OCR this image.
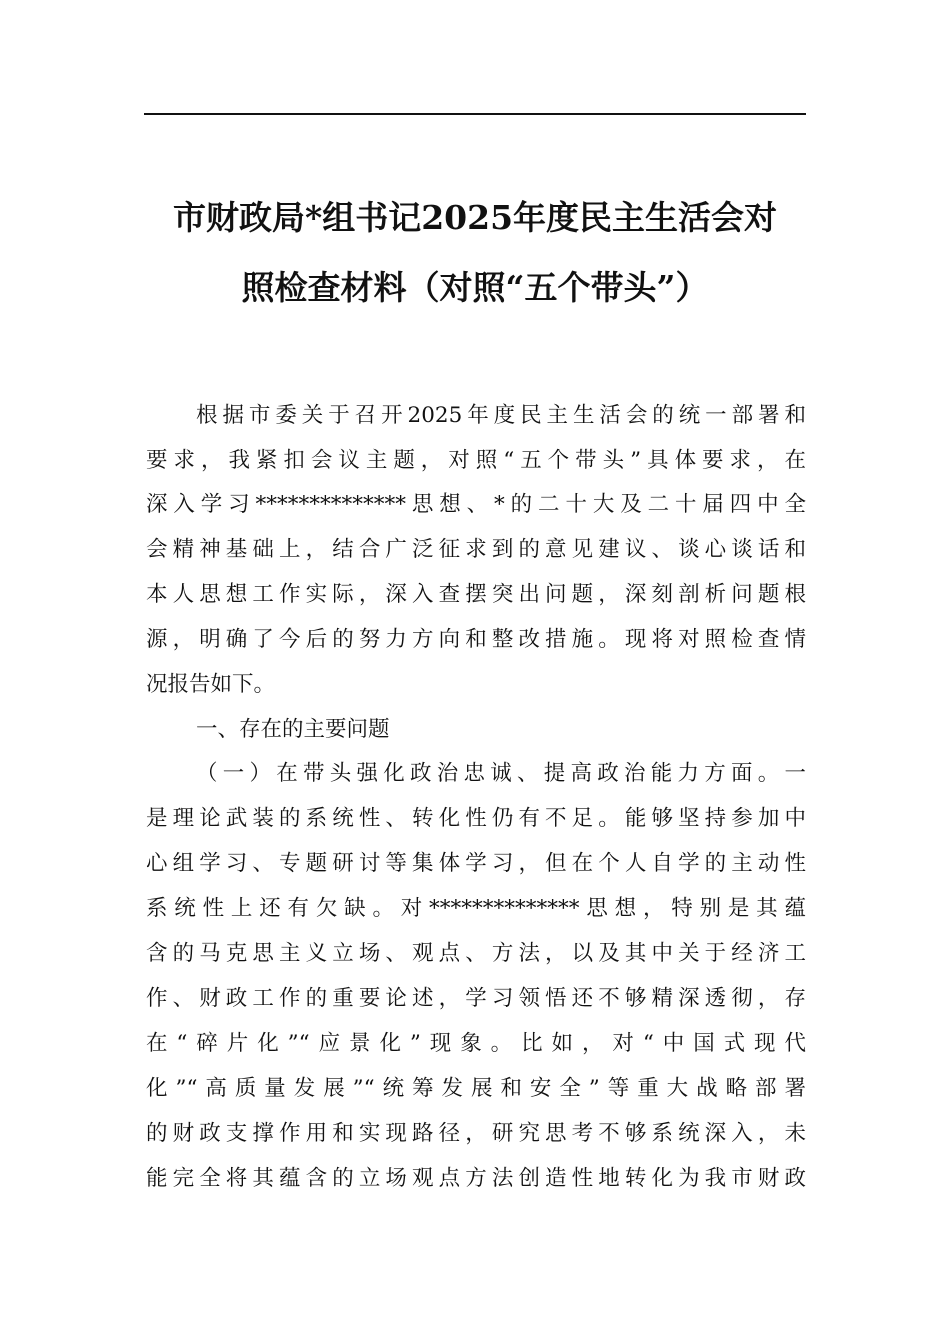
市财政局*组书记2025年度民主生活会对
照检查材料（对照“五个带头”）
根据市委关于召开2025年度民主生活会的统一部署和
要求，我紧扣会议主题，对照“五个带头”具体要求，在
深入学习**************思想、*的二十大及二十届四中全
会精神基础上，结合广泛征求到的意见建议、谈心谈话和
本人思想工作实际，深入查摆突出问题，深刻剖析问题根
源，明确了今后的努力方向和整改措施。现将对照检查情
况报告如下。
一、存在的主要问题
（一）在带头强化政治忠诚、提高政治能力方面。一
是理论武装的系统性、转化性仍有不足。能够坚持参加中
心组学习、专题研讨等集体学习，但在个人自学的主动性
系统性上还有欠缺。对**************思想，特别是其蕴
含的马克思主义立场、观点、方法，以及其中关于经济工
作、财政工作的重要论述，学习领悟还不够精深透彻，存
在“碎片化”“应景化”现象。比如，对“中国式现代
化”“高质量发展”“统筹发展和安全”等重大战略部署
的财政支撑作用和实现路径，研究思考不够系统深入，未
能完全将其蕴含的立场观点方法创造性地转化为我市财政
